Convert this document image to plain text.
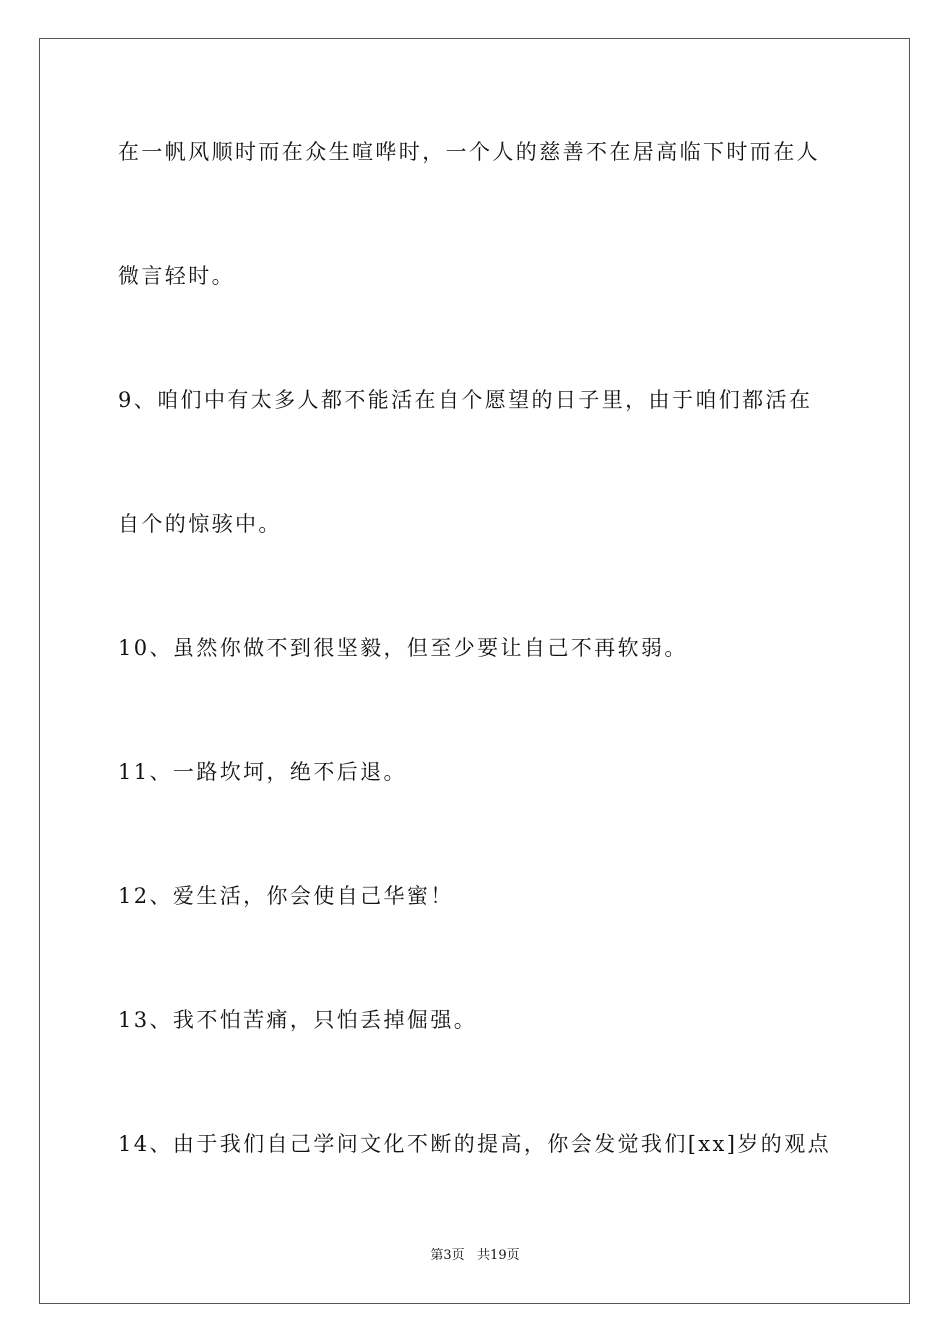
在一帆风顺时而在众生喧哗时，一个人的慈善不在居高临下时而在人

微言轻时。

9、咱们中有太多人都不能活在自个愿望的日子里，由于咱们都活在

自个的惊骇中。

10、虽然你做不到很坚毅，但至少要让自己不再软弱。

11、一路坎坷，绝不后退。

12、爱生活，你会使自己华蜜！

13、我不怕苦痛，只怕丢掉倔强。

14、由于我们自己学问文化不断的提高，你会发觉我们[xx]岁的观点

第3页   共19页
